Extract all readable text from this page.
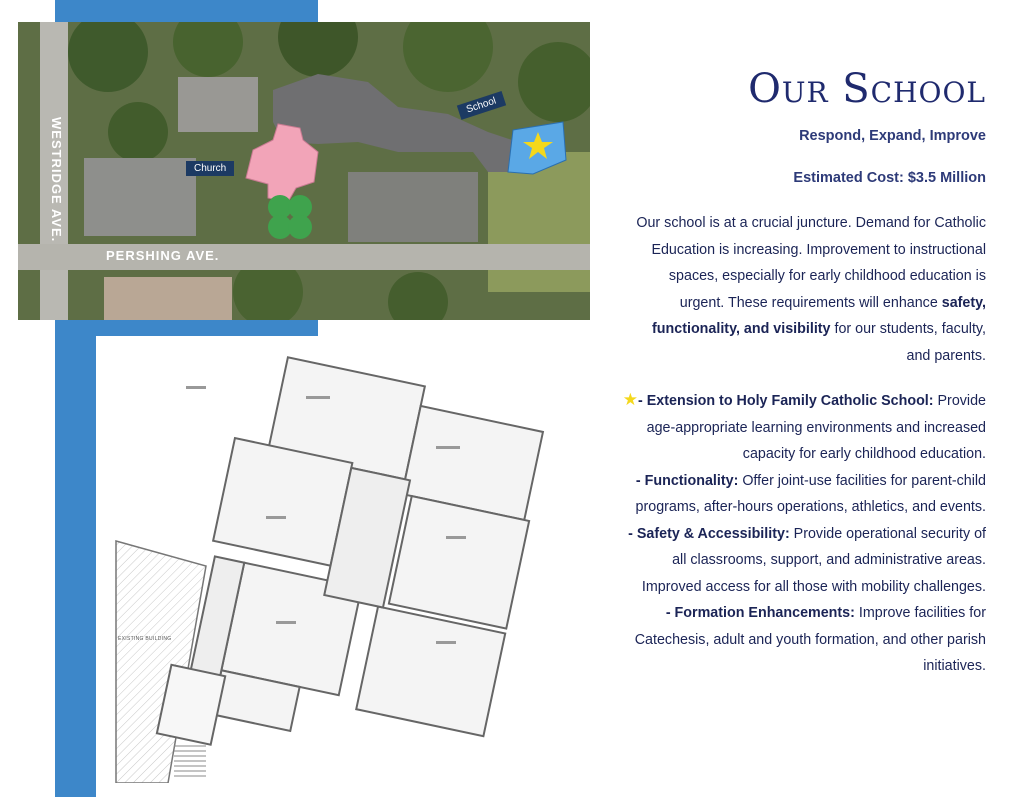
WESTRIDGE AVE.
PERSHING AVE.
Church
School
EXISTING BUILDING
Our School
Respond, Expand, Improve
Estimated Cost: $3.5 Million
Our school is at a crucial juncture. Demand for Catholic Education is increasing. Improvement to instructional spaces, especially for early childhood education is urgent. These requirements will enhance safety, functionality, and visibility for our students, faculty, and parents.
★- Extension to Holy Family Catholic School: Provide age-appropriate learning environments and increased capacity for early childhood education.
- Functionality: Offer joint-use facilities for parent-child programs, after-hours operations, athletics, and events.
- Safety & Accessibility: Provide operational security of all classrooms, support, and administrative areas. Improved access for all those with mobility challenges.
- Formation Enhancements: Improve facilities for Catechesis, adult and youth formation, and other parish initiatives.
